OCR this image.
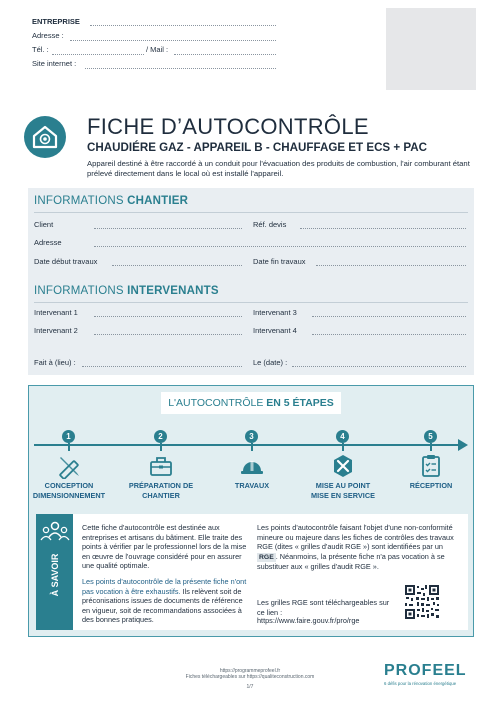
ENTREPRISE
Adresse :
Tél. :	/ Mail :
Site internet :
FICHE D’AUTOCONTRÔLE
CHAUDIÉRE GAZ - APPAREIL B - CHAUFFAGE ET ECS + PAC
Appareil destiné à être raccordé à un conduit pour l'évacuation des produits de combustion, l'air comburant étant prélevé directement dans le local où est installé l'appareil.
INFORMATIONS CHANTIER
Client	Réf. devis
Adresse
Date début travaux	Date fin travaux
INFORMATIONS INTERVENANTS
Intervenant 1	Intervenant 3
Intervenant 2	Intervenant 4
Fait à (lieu) :	Le (date) :
L'AUTOCONTRÔLE EN 5 ÉTAPES
1
CONCEPTION
DIMENSIONNEMENT
2
PRÉPARATION DE
CHANTIER
3
TRAVAUX
4
MISE AU POINT
MISE EN SERVICE
5
RÉCEPTION
À SAVOIR
Cette fiche d'autocontrôle est destinée aux entreprises et artisans du bâtiment. Elle traite des points à vérifier par le professionnel lors de la mise en œuvre de l'ouvrage considéré pour en assurer une qualité optimale.
Les points d'autocontrôle de la présente fiche n'ont pas vocation à être exhaustifs. Ils relèvent soit de préconisations issues de documents de référence en vigueur, soit de recommandations associées à des bonnes pratiques.
Les points d'autocontrôle faisant l'objet d'une non-conformité mineure ou majeure dans les fiches de contrôles des travaux RGE (dites « grilles d'audit RGE ») sont identifiées par un RGE . Néanmoins, la présente fiche n'a pas vocation à se substituer aux « grilles d'audit RGE ».
Les grilles RGE sont téléchargeables sur ce lien :
https://www.faire.gouv.fr/pro/rge
https://programmeprofeel.fr
Fiches téléchargeables sur https://qualiteconstruction.com
1/7
PROFEEL
6 défis pour la rénovation énergétique
